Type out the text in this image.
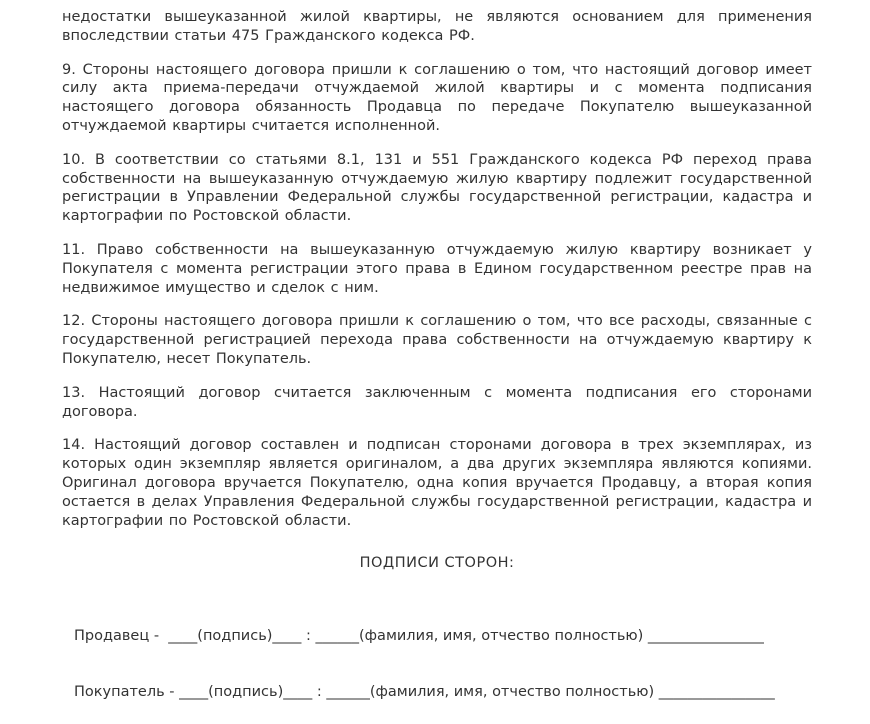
недостатки вышеуказанной жилой квартиры, не являются основанием для применения впоследствии статьи 475 Гражданского кодекса РФ.

9. Стороны настоящего договора пришли к соглашению о том, что настоящий договор имеет силу акта приема-передачи отчуждаемой жилой квартиры и с момента подписания настоящего договора обязанность Продавца по передаче Покупателю вышеуказанной отчуждаемой квартиры считается исполненной.

10. В соответствии со статьями 8.1, 131 и 551 Гражданского кодекса РФ переход права собственности на вышеуказанную отчуждаемую жилую квартиру подлежит государственной регистрации в Управлении Федеральной службы государственной регистрации, кадастра и картографии по Ростовской области.

11. Право собственности на вышеуказанную отчуждаемую жилую квартиру возникает у Покупателя с момента регистрации этого права в Едином государственном реестре прав на недвижимое имущество и сделок с ним.

12. Стороны настоящего договора пришли к соглашению о том, что все расходы, связанные с государственной регистрацией перехода права собственности на отчуждаемую квартиру к Покупателю, несет Покупатель.

13. Настоящий договор считается заключенным с момента подписания его сторонами договора.

14. Настоящий договор составлен и подписан сторонами договора в трех экземплярах, из которых один экземпляр является оригиналом, а два других экземпляра являются копиями. Оригинал договора вручается Покупателю, одна копия вручается Продавцу, а вторая копия остается в делах Управления Федеральной службы государственной регистрации, кадастра и картографии по Ростовской области.

ПОДПИСИ СТОРОН:

Продавец -  ____(подпись)____ : ______(фамилия, имя, отчество полностью) ________________

Покупатель - ____(подпись)____ : ______(фамилия, имя, отчество полностью) ________________
